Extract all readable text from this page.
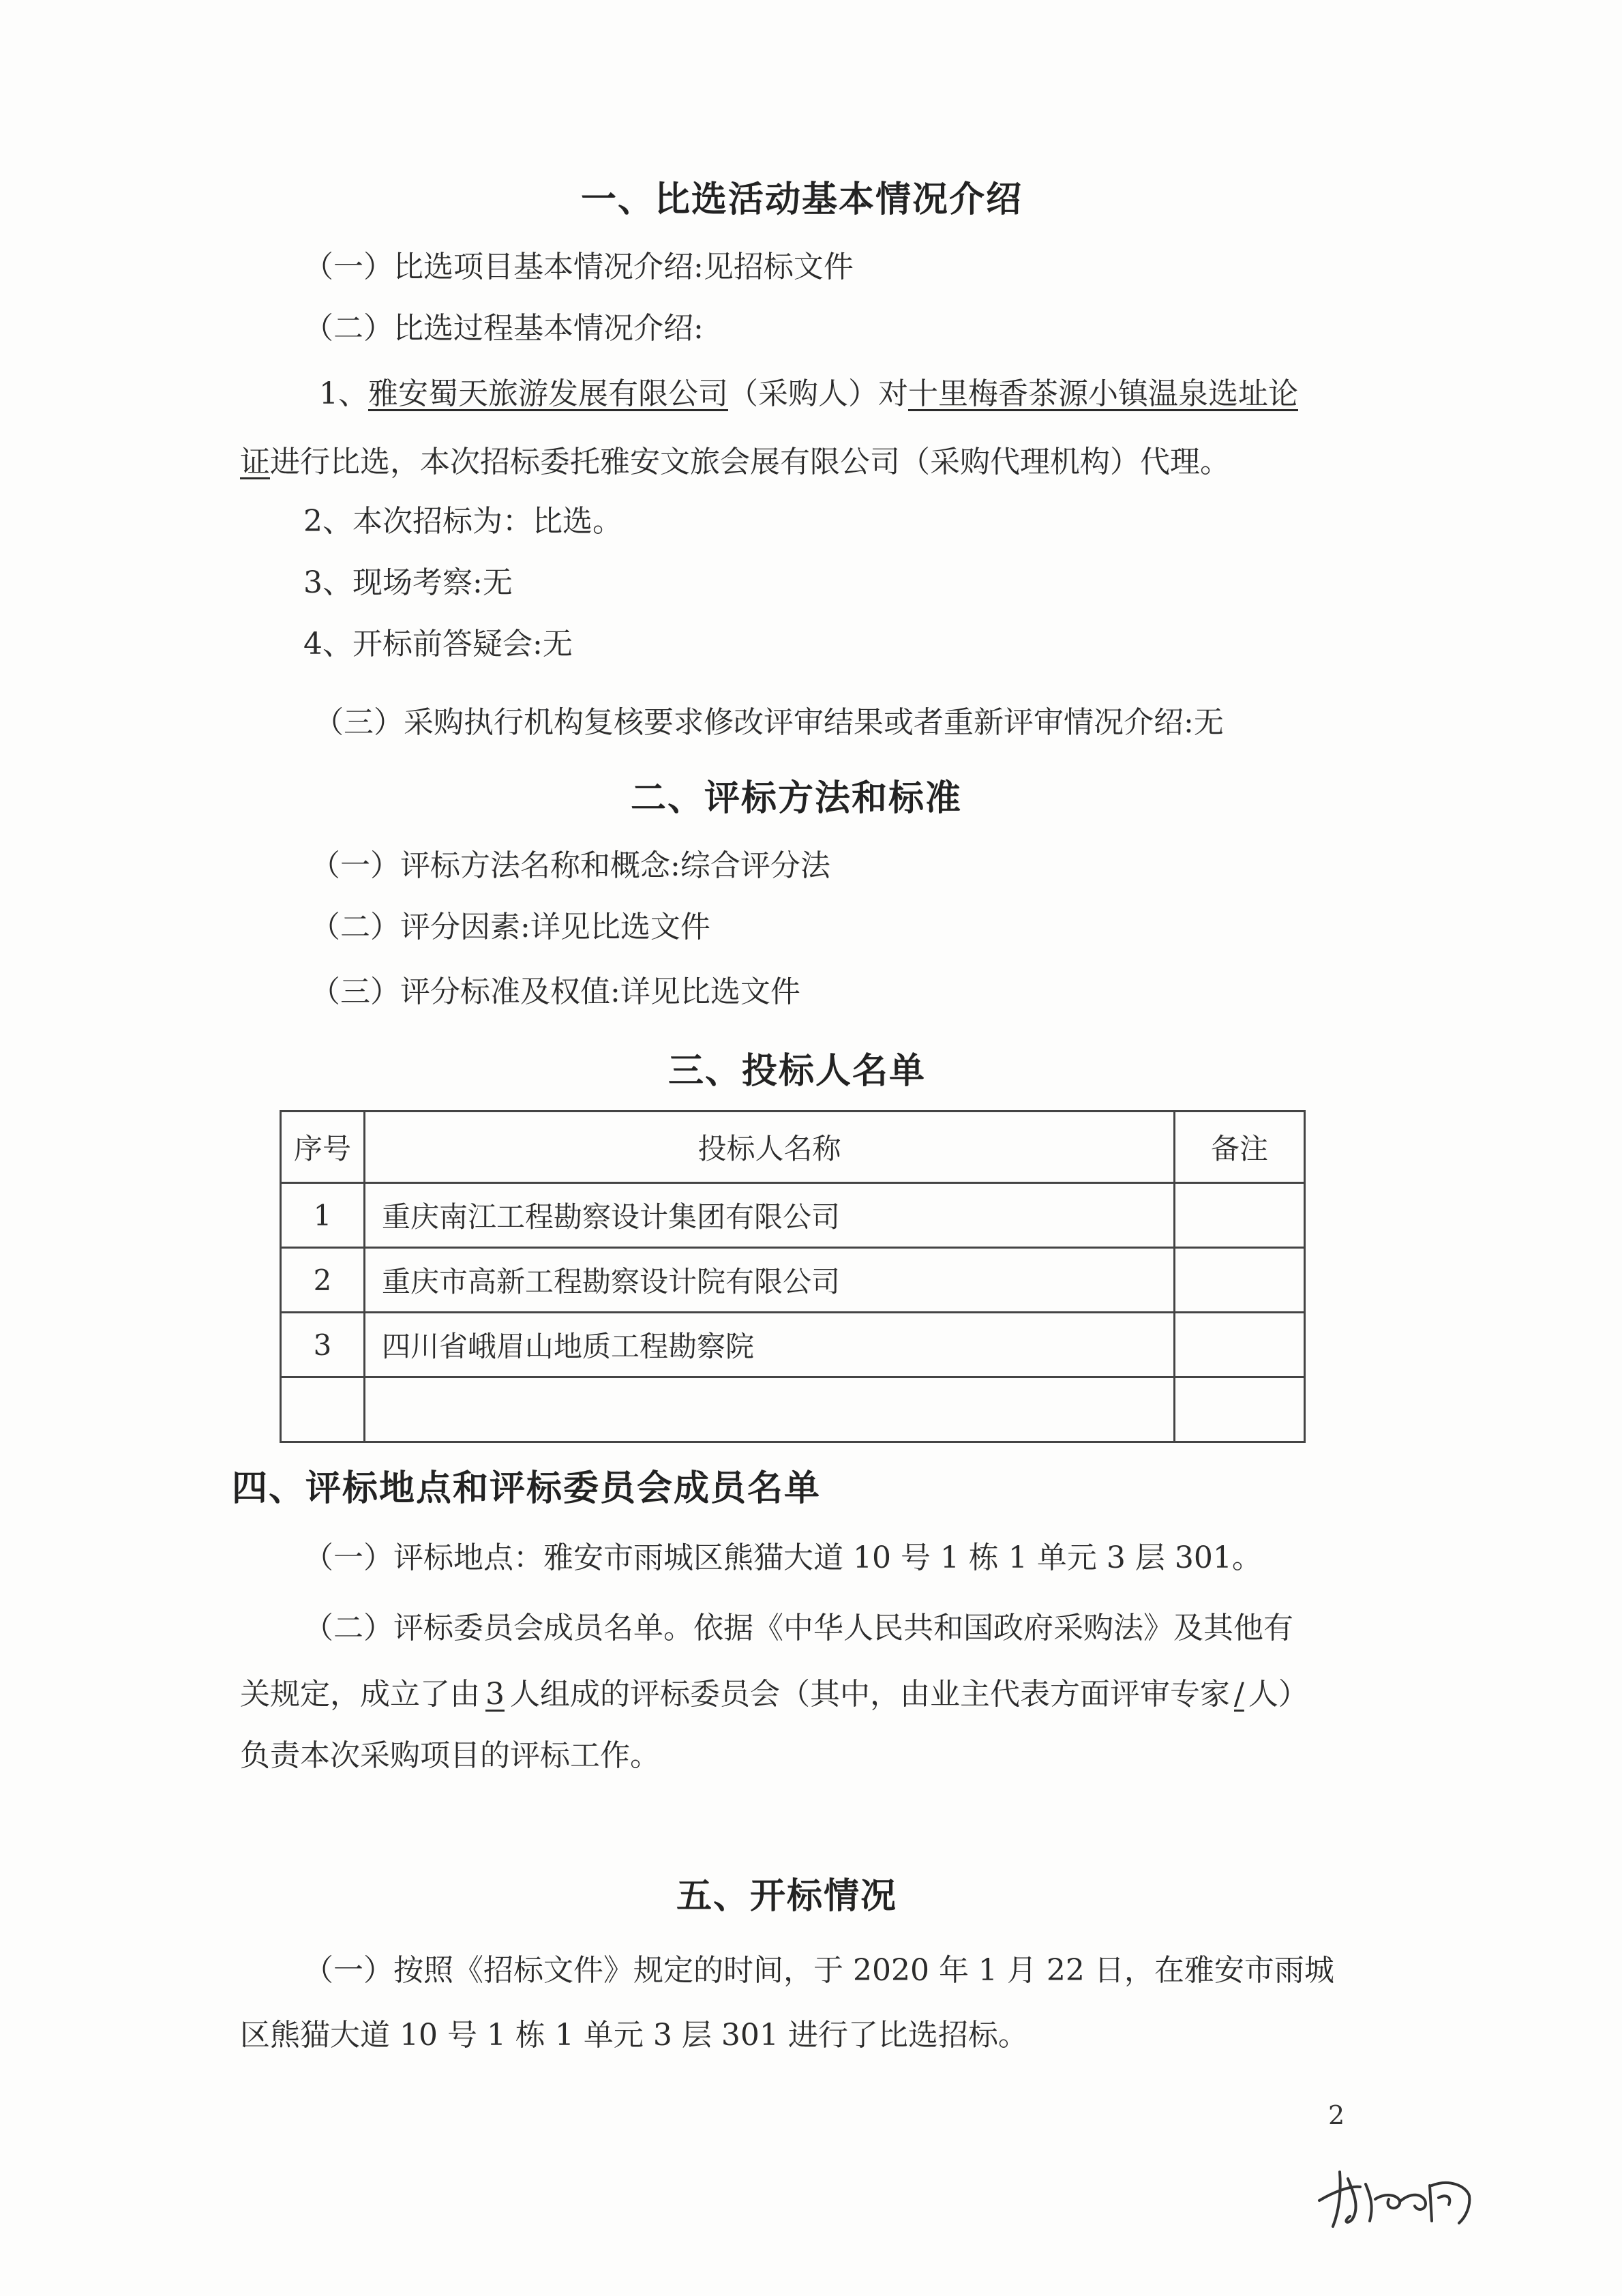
一、比选活动基本情况介绍
（一）比选项目基本情况介绍:见招标文件
（二）比选过程基本情况介绍:
1、雅安蜀天旅游发展有限公司（采购人）对十里梅香茶源小镇温泉选址论
证进行比选，本次招标委托雅安文旅会展有限公司（采购代理机构）代理。
2、本次招标为：比选。
3、现场考察:无
4、开标前答疑会:无
（三）采购执行机构复核要求修改评审结果或者重新评审情况介绍:无
二、评标方法和标准
（一）评标方法名称和概念:综合评分法
（二）评分因素:详见比选文件
（三）评分标准及权值:详见比选文件
三、投标人名单
序号	投标人名称	备注
1	重庆南江工程勘察设计集团有限公司	
2	重庆市高新工程勘察设计院有限公司	
3	四川省峨眉山地质工程勘察院	

四、评标地点和评标委员会成员名单
（一）评标地点：雅安市雨城区熊猫大道 10 号 1 栋 1 单元 3 层 301。
（二）评标委员会成员名单。依据《中华人民共和国政府采购法》及其他有
关规定，成立了由 3 人组成的评标委员会（其中，由业主代表方面评审专家 / 人）
负责本次采购项目的评标工作。
五、开标情况
（一）按照《招标文件》规定的时间，于 2020 年 1 月 22 日，在雅安市雨城
区熊猫大道 10 号 1 栋 1 单元 3 层 301 进行了比选招标。
2
